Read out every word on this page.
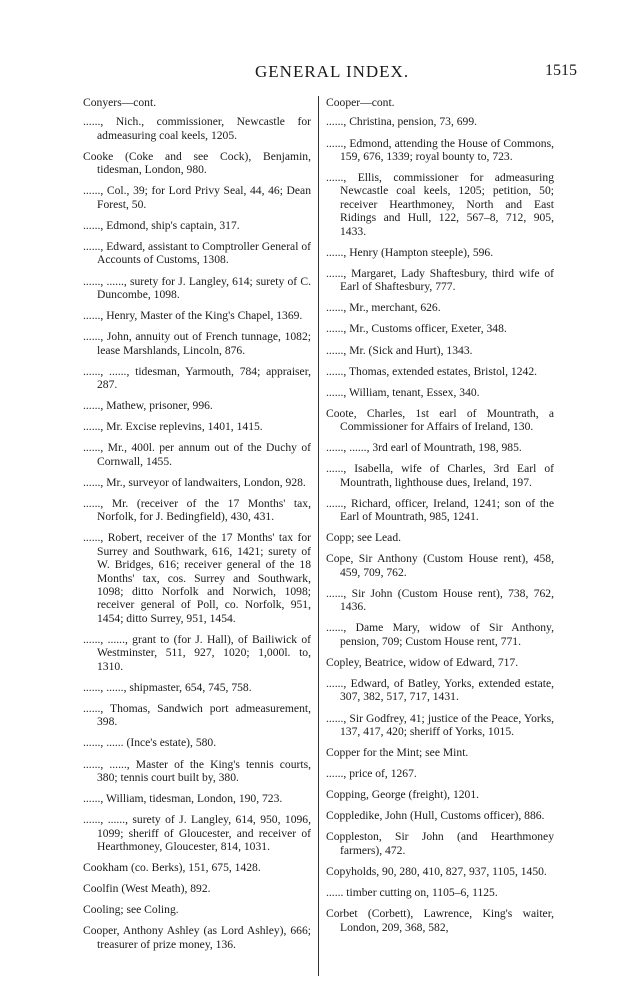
GENERAL INDEX.	1515
Conyers—cont.
......, Nich., commissioner, Newcastle for admeasuring coal keels, 1205.
Cooke (Coke and see Cock), Benjamin, tidesman, London, 980.
......, Col., 39; for Lord Privy Seal, 44, 46; Dean Forest, 50.
......, Edmond, ship's captain, 317.
......, Edward, assistant to Comptroller General of Accounts of Customs, 1308.
......, ......, surety for J. Langley, 614; surety of C. Duncombe, 1098.
......, Henry, Master of the King's Chapel, 1369.
......, John, annuity out of French tunnage, 1082; lease Marshlands, Lincoln, 876.
......, ......, tidesman, Yarmouth, 784; appraiser, 287.
......, Mathew, prisoner, 996.
......, Mr. Excise replevins, 1401, 1415.
......, Mr., 400l. per annum out of the Duchy of Cornwall, 1455.
......, Mr., surveyor of landwaiters, London, 928.
......, Mr. (receiver of the 17 Months' tax, Norfolk, for J. Bedingfield), 430, 431.
......, Robert, receiver of the 17 Months' tax for Surrey and Southwark, 616, 1421; surety of W. Bridges, 616; receiver general of the 18 Months' tax, cos. Surrey and Southwark, 1098; ditto Norfolk and Norwich, 1098; receiver general of Poll, co. Norfolk, 951, 1454; ditto Surrey, 951, 1454.
......, ......, grant to (for J. Hall), of Bailiwick of Westminster, 511, 927, 1020; 1,000l. to, 1310.
......, ......, shipmaster, 654, 745, 758.
......, Thomas, Sandwich port admeasurement, 398.
......, ...... (Ince's estate), 580.
......, ......, Master of the King's tennis courts, 380; tennis court built by, 380.
......, William, tidesman, London, 190, 723.
......, ......, surety of J. Langley, 614, 950, 1096, 1099; sheriff of Gloucester, and receiver of Hearthmoney, Gloucester, 814, 1031.
Cookham (co. Berks), 151, 675, 1428.
Coolfin (West Meath), 892.
Cooling; see Coling.
Cooper, Anthony Ashley (as Lord Ashley), 666; treasurer of prize money, 136.
Cooper—cont.
......, Christina, pension, 73, 699.
......, Edmond, attending the House of Commons, 159, 676, 1339; royal bounty to, 723.
......, Ellis, commissioner for admeasuring Newcastle coal keels, 1205; petition, 50; receiver Hearthmoney, North and East Ridings and Hull, 122, 567–8, 712, 905, 1433.
......, Henry (Hampton steeple), 596.
......, Margaret, Lady Shaftesbury, third wife of Earl of Shaftesbury, 777.
......, Mr., merchant, 626.
......, Mr., Customs officer, Exeter, 348.
......, Mr. (Sick and Hurt), 1343.
......, Thomas, extended estates, Bristol, 1242.
......, William, tenant, Essex, 340.
Coote, Charles, 1st earl of Mountrath, a Commissioner for Affairs of Ireland, 130.
......, ......, 3rd earl of Mountrath, 198, 985.
......, Isabella, wife of Charles, 3rd Earl of Mountrath, lighthouse dues, Ireland, 197.
......, Richard, officer, Ireland, 1241; son of the Earl of Mountrath, 985, 1241.
Copp; see Lead.
Cope, Sir Anthony (Custom House rent), 458, 459, 709, 762.
......, Sir John (Custom House rent), 738, 762, 1436.
......, Dame Mary, widow of Sir Anthony, pension, 709; Custom House rent, 771.
Copley, Beatrice, widow of Edward, 717.
......, Edward, of Batley, Yorks, extended estate, 307, 382, 517, 717, 1431.
......, Sir Godfrey, 41; justice of the Peace, Yorks, 137, 417, 420; sheriff of Yorks, 1015.
Copper for the Mint; see Mint.
......, price of, 1267.
Copping, George (freight), 1201.
Coppledike, John (Hull, Customs officer), 886.
Coppleston, Sir John (and Hearthmoney farmers), 472.
Copyholds, 90, 280, 410, 827, 937, 1105, 1450.
...... timber cutting on, 1105–6, 1125.
Corbet (Corbett), Lawrence, King's waiter, London, 209, 368, 582,
